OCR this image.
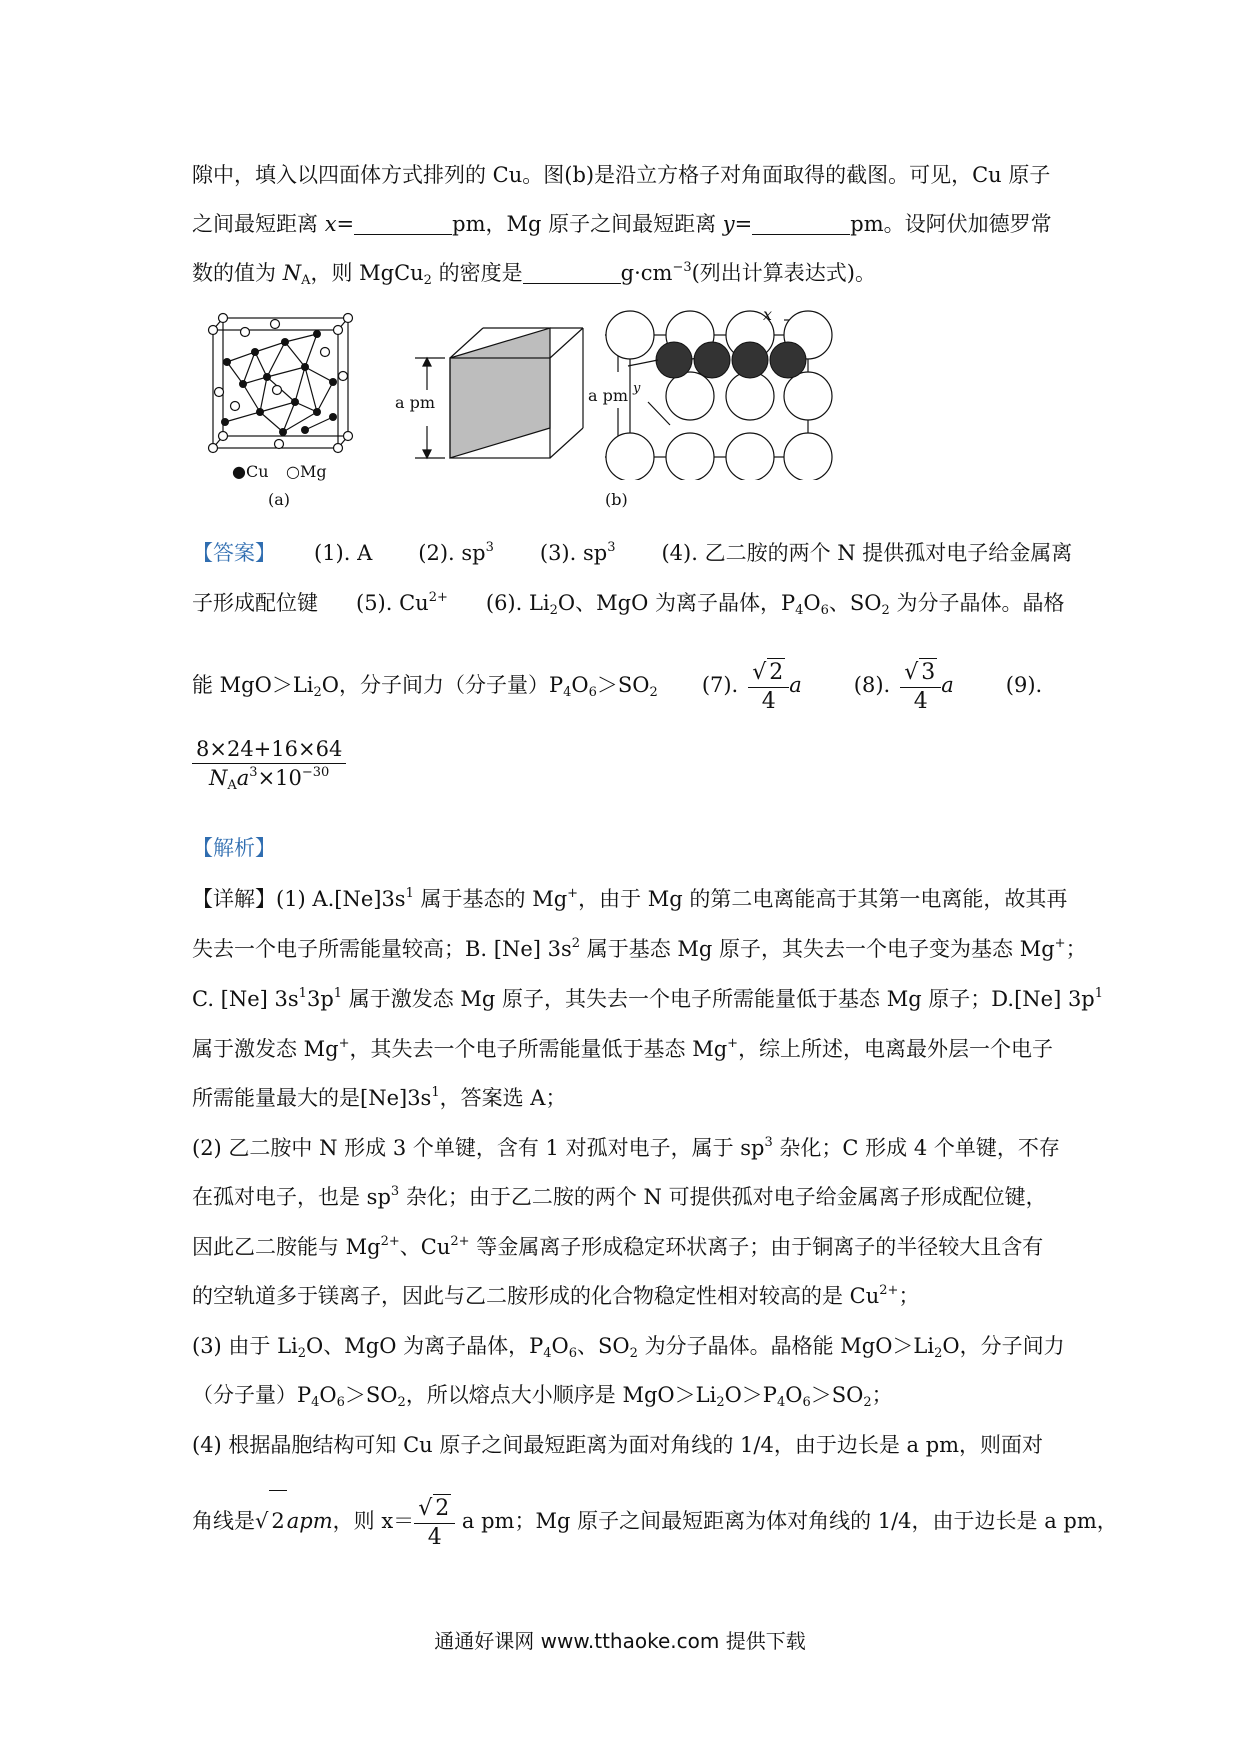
隙中，填入以四面体方式排列的 Cu。图(b)是沿立方格子对角面取得的截图。可见，Cu 原子
之间最短距离 x=	pm，Mg 原子之间最短距离 y=	pm。设阿伏加德罗常
数的值为 $N_A$，则 MgCu$_2$ 的密度是	$g\cdot cm^{-3}$(列出计算表达式)。
●Cu ○Mg
(a)
a pm	a pm
x
y
(b)
【答案】 (1). A (2). $sp^3$ (3). $sp^3$ (4). 乙二胺的两个 N 提供孤对电子给金属离
子形成配位键 (5). $Cu^{2+}$ (6). $Li_2O$、MgO 为离子晶体，$P_4O_6$、$SO_2$ 为分子晶体。晶格
能 $MgO>Li_2O$，分子间力（分子量）$P_4O_6>SO_2$ (7). $\frac{√ 2}{4}$ a (8). $\frac{√ 3}{4}$ a (9).
$\frac{8\times 24+16\times 64}{N_Aa^3\times 10^{-30}}$
【解析】
【详解】(1) $A.[Ne]3s^1$ 属于基态的 Mg+，由于 Mg 的第二电离能高于其第一电离能，故其再
失去一个电子所需能量较高；B. [Ne] $3s^2$ 属于基态 Mg 原子，其失去一个电子变为基态 Mg+；
C. [Ne] $3s^13p^1$ 属于激发态 Mg 原子，其失去一个电子所需能量低于基态 Mg 原子；D.[Ne] $3p^1$
属于激发态 Mg+，其失去一个电子所需能量低于基态 Mg+，综上所述，电离最外层一个电子
所需能量最大的是$[Ne]3s^1$，答案选 A；
(2) 乙二胺中 N 形成 3 个单键，含有 1 对孤对电子，属于 $sp^3$ 杂化；C 形成 4 个单键，不存
在孤对电子，也是 $sp^3$ 杂化；由于乙二胺的两个 N 可提供孤对电子给金属离子形成配位键，
因此乙二胺能与 $Mg^{2+}$、$Cu^{2+}$ 等金属离子形成稳定环状离子；由于铜离子的半径较大且含有
的空轨道多于镁离子，因此与乙二胺形成的化合物稳定性相对较高的是 $Cu^{2+}$；
(3) 由于 $Li_2O$、MgO 为离子晶体，$P_4O_6$、$SO_2$ 为分子晶体。晶格能 $MgO>Li_2O$，分子间力
（分子量）$P_4O_6>SO_2$，所以熔点大小顺序是 $MgO>Li_2O>P_4O_6>SO_2$；
(4) 根据晶胞结构可知 Cu 原子之间最短距离为面对角线的 1/4，由于边长是 a pm，则面对
角线是√ 2apm，则 $x= \frac{√ 2}{4}$ a pm；Mg 原子之间最短距离为体对角线的 1/4，由于边长是 a pm，
通通好课网 www.tthaoke.com 提供下载
